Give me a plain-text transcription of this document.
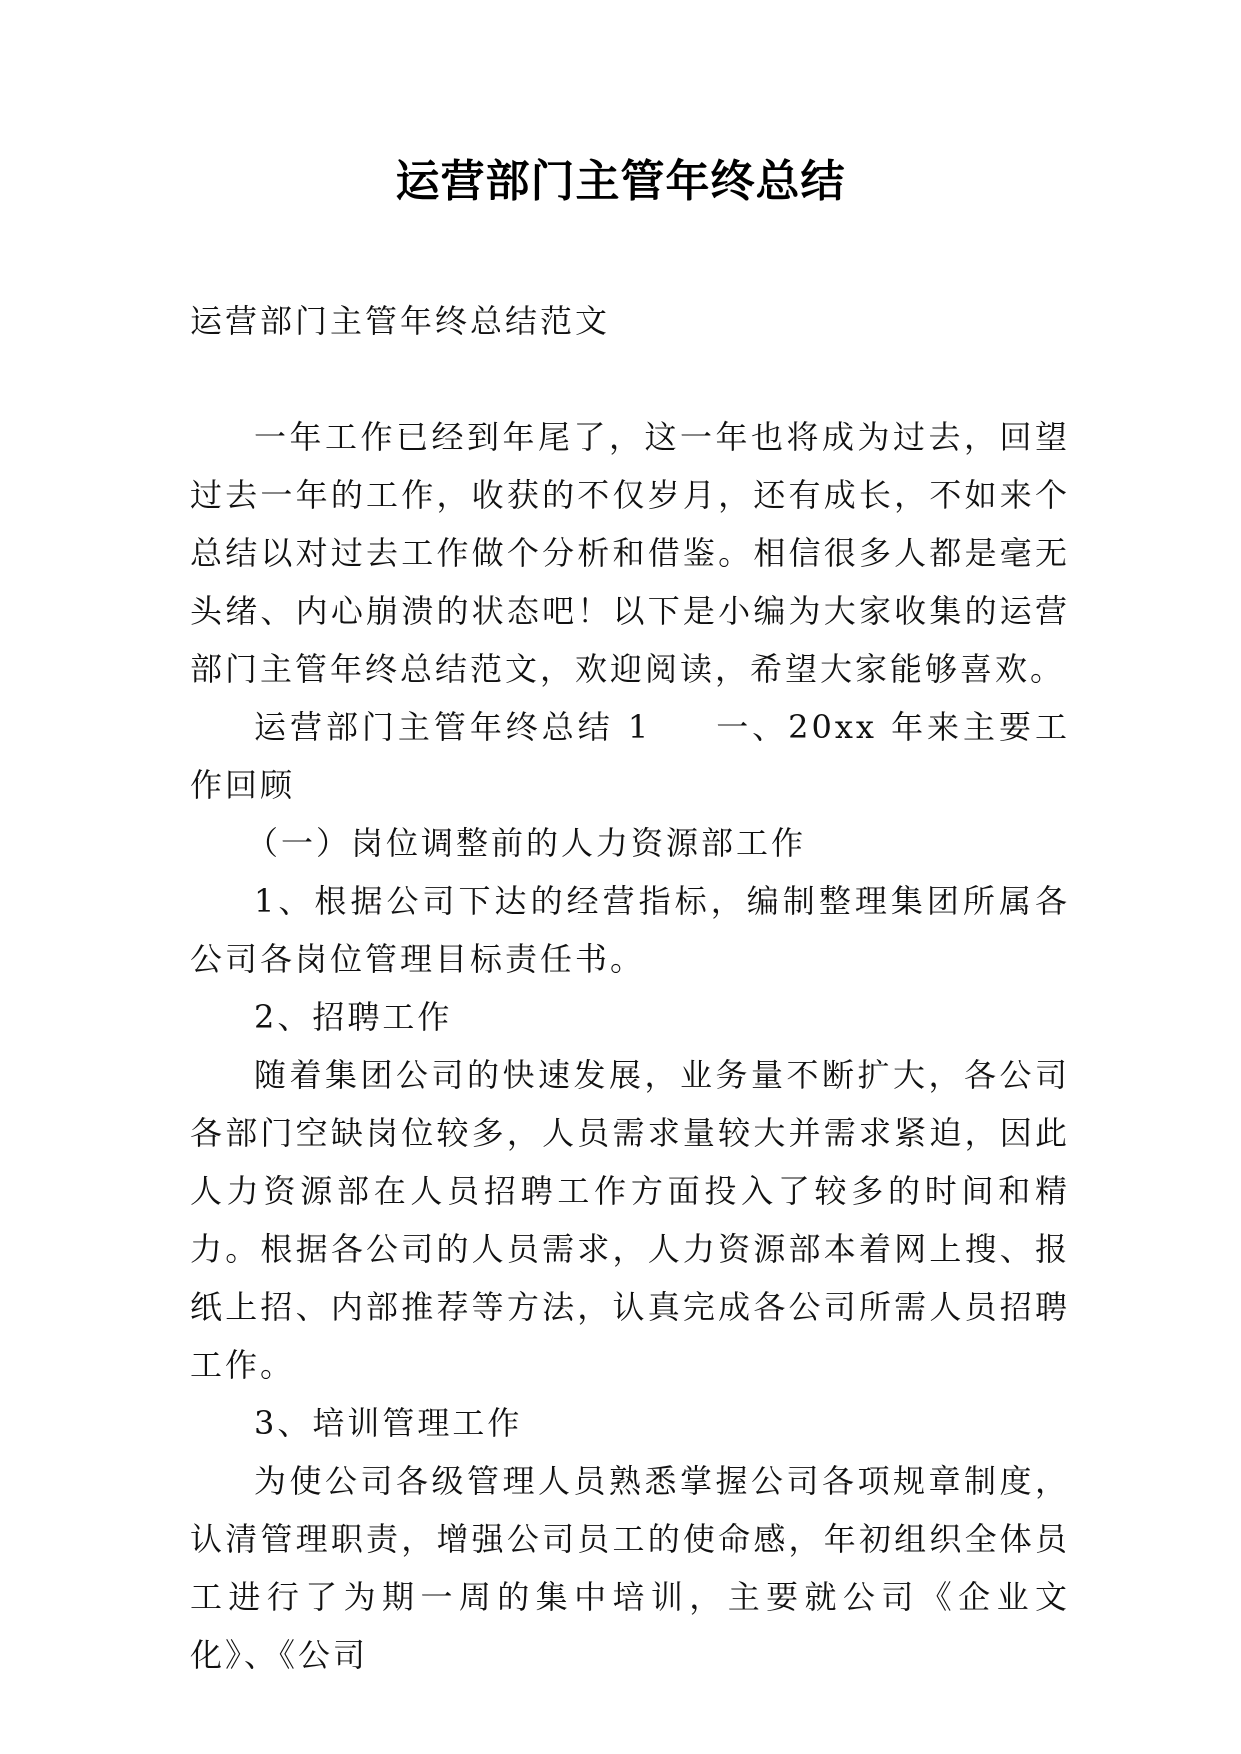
运营部门主管年终总结

运营部门主管年终总结范文

一年工作已经到年尾了，这一年也将成为过去，回望过去一年的工作，收获的不仅岁月，还有成长，不如来个总结以对过去工作做个分析和借鉴。相信很多人都是毫无头绪、内心崩溃的状态吧！以下是小编为大家收集的运营部门主管年终总结范文，欢迎阅读，希望大家能够喜欢。

运营部门主管年终总结 1 一、20xx 年来主要工作回顾

（一）岗位调整前的人力资源部工作

1、根据公司下达的经营指标，编制整理集团所属各公司各岗位管理目标责任书。

2、招聘工作

随着集团公司的快速发展，业务量不断扩大，各公司各部门空缺岗位较多，人员需求量较大并需求紧迫，因此人力资源部在人员招聘工作方面投入了较多的时间和精力。根据各公司的人员需求，人力资源部本着网上搜、报纸上招、内部推荐等方法，认真完成各公司所需人员招聘工作。

3、培训管理工作

为使公司各级管理人员熟悉掌握公司各项规章制度，认清管理职责，增强公司员工的使命感，年初组织全体员工进行了为期一周的集中培训，主要就公司《企业文化》、《公司
